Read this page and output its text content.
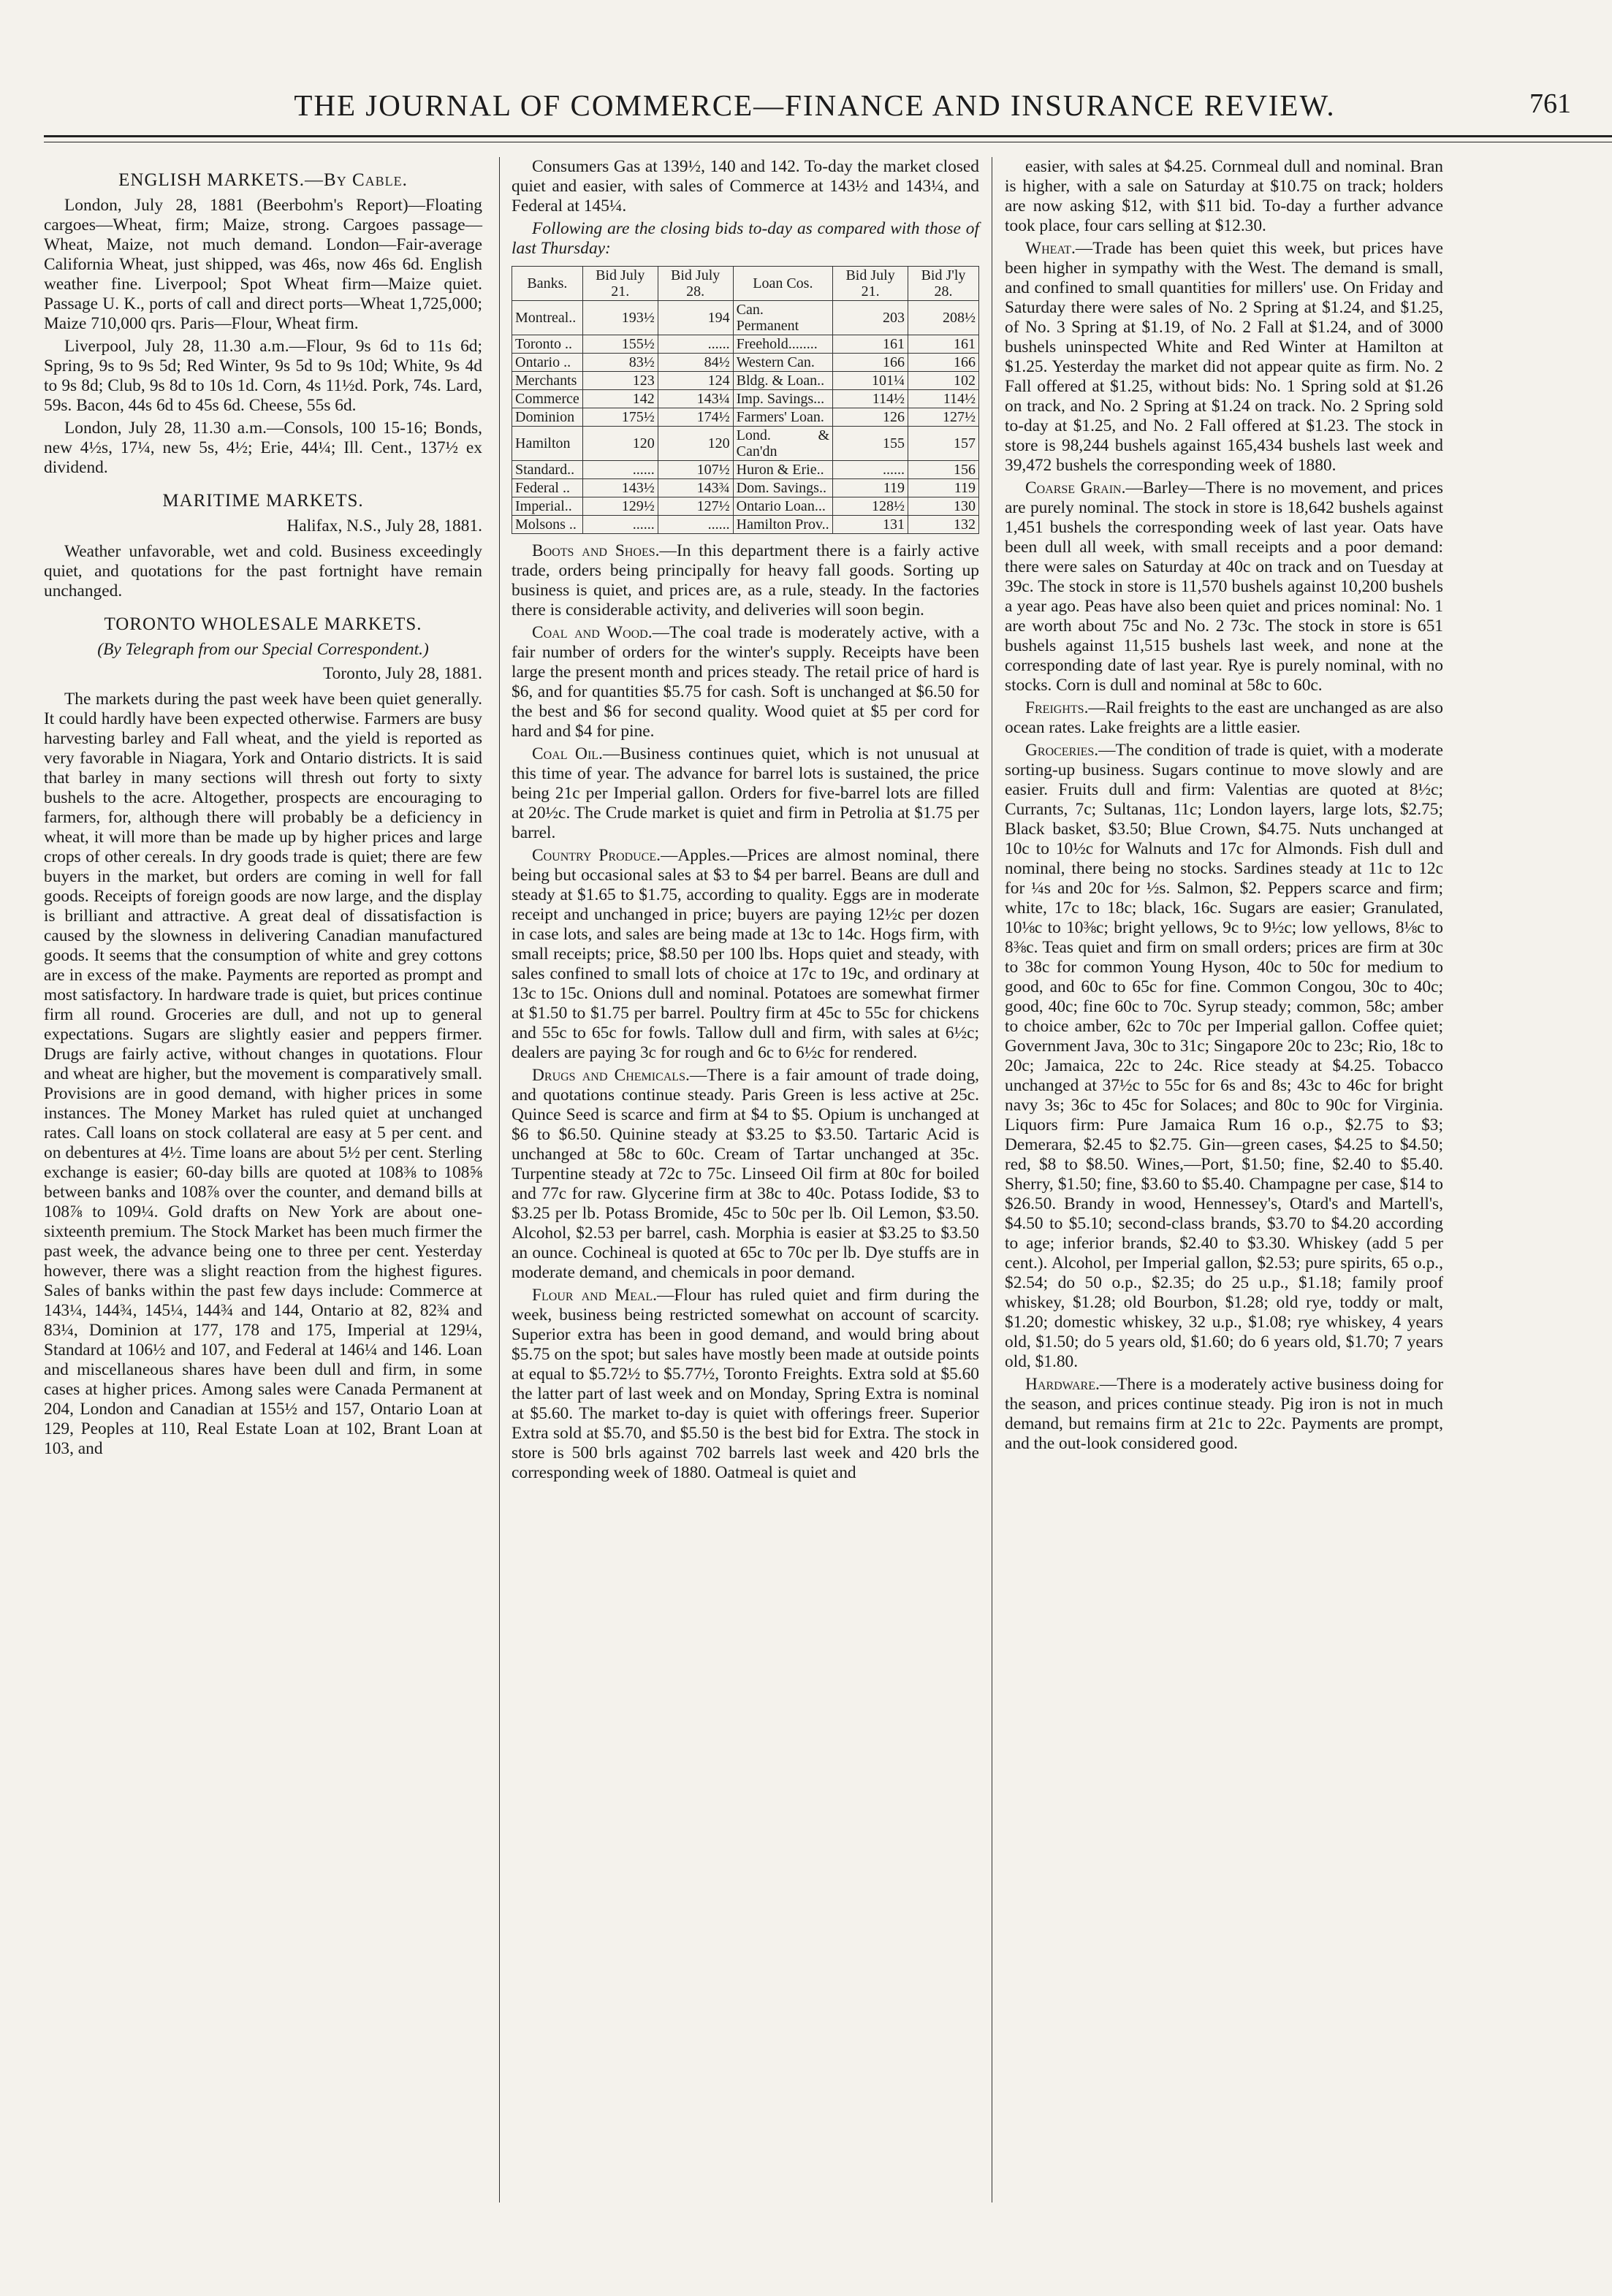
THE JOURNAL OF COMMERCE—FINANCE AND INSURANCE REVIEW.	761
ENGLISH MARKETS.—By Cable.

London, July 28, 1881 (Beerbohm's Report)—Floating cargoes—Wheat, firm; Maize, strong. Cargoes passage—Wheat, Maize, not much demand. London—Fair-average California Wheat, just shipped, was 46s, now 46s 6d. English weather fine. Liverpool; Spot Wheat firm—Maize quiet. Passage U. K., ports of call and direct ports—Wheat 1,725,000; Maize 710,000 qrs. Paris—Flour, Wheat firm.

Liverpool, July 28, 11.30 a.m.—Flour, 9s 6d to 11s 6d; Spring, 9s to 9s 5d; Red Winter, 9s 5d to 9s 10d; White, 9s 4d to 9s 8d; Club, 9s 8d to 10s 1d. Corn, 4s 11½d. Pork, 74s. Lard, 59s. Bacon, 44s 6d to 45s 6d. Cheese, 55s 6d.

London, July 28, 11.30 a.m.—Consols, 100 15-16; Bonds, new 4½s, 17¼, new 5s, 4½; Erie, 44¼; Ill. Cent., 137½ ex dividend.

MARITIME MARKETS.
Halifax, N.S., July 28, 1881.

Weather unfavorable, wet and cold. Business exceedingly quiet, and quotations for the past fortnight have remain unchanged.

TORONTO WHOLESALE MARKETS.
(By Telegraph from our Special Correspondent.)
Toronto, July 28, 1881.

The markets during the past week have been quiet generally. It could hardly have been expected otherwise. Farmers are busy harvesting barley and Fall wheat, and the yield is reported as very favorable in Niagara, York and Ontario districts. It is said that barley in many sections will thresh out forty to sixty bushels to the acre. Altogether, prospects are encouraging to farmers, for, although there will probably be a deficiency in wheat, it will more than be made up by higher prices and large crops of other cereals. In dry goods trade is quiet; there are few buyers in the market, but orders are coming in well for fall goods. Receipts of foreign goods are now large, and the display is brilliant and attractive. A great deal of dissatisfaction is caused by the slowness in delivering Canadian manufactured goods. It seems that the consumption of white and grey cottons are in excess of the make. Payments are reported as prompt and most satisfactory. In hardware trade is quiet, but prices continue firm all round. Groceries are dull, and not up to general expectations. Sugars are slightly easier and peppers firmer. Drugs are fairly active, without changes in quotations. Flour and wheat are higher, but the movement is comparatively small. Provisions are in good demand, with higher prices in some instances. The Money Market has ruled quiet at unchanged rates. Call loans on stock collateral are easy at 5 per cent. and on debentures at 4½. Time loans are about 5½ per cent. Sterling exchange is easier; 60-day bills are quoted at 108⅜ to 108⅝ between banks and 108⅞ over the counter, and demand bills at 108⅞ to 109¼. Gold drafts on New York are about one-sixteenth premium. The Stock Market has been much firmer the past week, the advance being one to three per cent. Yesterday however, there was a slight reaction from the highest figures. Sales of banks within the past few days include: Commerce at 143¼, 144¾, 145¼, 144¾ and 144, Ontario at 82, 82¾ and 83¼, Dominion at 177, 178 and 175, Imperial at 129¼, Standard at 106½ and 107, and Federal at 146¼ and 146. Loan and miscellaneous shares have been dull and firm, in some cases at higher prices. Among sales were Canada Permanent at 204, London and Canadian at 155½ and 157, Ontario Loan at 129, Peoples at 110, Real Estate Loan at 102, Brant Loan at 103, and

Consumers Gas at 139½, 140 and 142. To-day the market closed quiet and easier, with sales of Commerce at 143½ and 143¼, and Federal at 145¼.

Following are the closing bids to-day as compared with those of last Thursday:

Banks.	Bid July 21.	Bid July 28.	Loan Cos.	Bid July 21.	Bid J'ly 28.
Montreal..	193½	194	Can. Permanent	203	208½
Toronto ..	155½	......	Freehold........	161	161
Ontario ..	83½	84½	Western Can.	166	166
Merchants	123	124	Bldg. & Loan..	101¼	102
Commerce	142	143¼	Imp. Savings...	114½	114½
Dominion	175½	174½	Farmers' Loan.	126	127½
Hamilton	120	120	Lond. & Can'dn	155	157
Standard..	......	107½	Huron & Erie..	......	156
Federal ..	143½	143¾	Dom. Savings..	119	119
Imperial..	129½	127½	Ontario Loan...	128½	130
Molsons ..	......	......	Hamilton Prov..	131	132

Boots and Shoes.—In this department there is a fairly active trade, orders being principally for heavy fall goods. Sorting up business is quiet, and prices are, as a rule, steady. In the factories there is considerable activity, and deliveries will soon begin.

Coal and Wood.—The coal trade is moderately active, with a fair number of orders for the winter's supply. Receipts have been large the present month and prices steady. The retail price of hard is $6, and for quantities $5.75 for cash. Soft is unchanged at $6.50 for the best and $6 for second quality. Wood quiet at $5 per cord for hard and $4 for pine.

Coal Oil.—Business continues quiet, which is not unusual at this time of year. The advance for barrel lots is sustained, the price being 21c per Imperial gallon. Orders for five-barrel lots are filled at 20½c. The Crude market is quiet and firm in Petrolia at $1.75 per barrel.

Country Produce.—Apples.—Prices are almost nominal, there being but occasional sales at $3 to $4 per barrel. Beans are dull and steady at $1.65 to $1.75, according to quality. Eggs are in moderate receipt and unchanged in price; buyers are paying 12½c per dozen in case lots, and sales are being made at 13c to 14c. Hogs firm, with small receipts; price, $8.50 per 100 lbs. Hops quiet and steady, with sales confined to small lots of choice at 17c to 19c, and ordinary at 13c to 15c. Onions dull and nominal. Potatoes are somewhat firmer at $1.50 to $1.75 per barrel. Poultry firm at 45c to 55c for chickens and 55c to 65c for fowls. Tallow dull and firm, with sales at 6½c; dealers are paying 3c for rough and 6c to 6½c for rendered.

Drugs and Chemicals.—There is a fair amount of trade doing, and quotations continue steady. Paris Green is less active at 25c. Quince Seed is scarce and firm at $4 to $5. Opium is unchanged at $6 to $6.50. Quinine steady at $3.25 to $3.50. Tartaric Acid is unchanged at 58c to 60c. Cream of Tartar unchanged at 35c. Turpentine steady at 72c to 75c. Linseed Oil firm at 80c for boiled and 77c for raw. Glycerine firm at 38c to 40c. Potass Iodide, $3 to $3.25 per lb. Potass Bromide, 45c to 50c per lb. Oil Lemon, $3.50. Alcohol, $2.53 per barrel, cash. Morphia is easier at $3.25 to $3.50 an ounce. Cochineal is quoted at 65c to 70c per lb. Dye stuffs are in moderate demand, and chemicals in poor demand.

Flour and Meal.—Flour has ruled quiet and firm during the week, business being restricted somewhat on account of scarcity. Superior extra has been in good demand, and would bring about $5.75 on the spot; but sales have mostly been made at outside points at equal to $5.72½ to $5.77½, Toronto Freights. Extra sold at $5.60 the latter part of last week and on Monday, Spring Extra is nominal at $5.60. The market to-day is quiet with offerings freer. Superior Extra sold at $5.70, and $5.50 is the best bid for Extra. The stock in store is 500 brls against 702 barrels last week and 420 brls the corresponding week of 1880. Oatmeal is quiet and

easier, with sales at $4.25. Cornmeal dull and nominal. Bran is higher, with a sale on Saturday at $10.75 on track; holders are now asking $12, with $11 bid. To-day a further advance took place, four cars selling at $12.30.

Wheat.—Trade has been quiet this week, but prices have been higher in sympathy with the West. The demand is small, and confined to small quantities for millers' use. On Friday and Saturday there were sales of No. 2 Spring at $1.24, and $1.25, of No. 3 Spring at $1.19, of No. 2 Fall at $1.24, and of 3000 bushels uninspected White and Red Winter at Hamilton at $1.25. Yesterday the market did not appear quite as firm. No. 2 Fall offered at $1.25, without bids: No. 1 Spring sold at $1.26 on track, and No. 2 Spring at $1.24 on track. No. 2 Spring sold to-day at $1.25, and No. 2 Fall offered at $1.23. The stock in store is 98,244 bushels against 165,434 bushels last week and 39,472 bushels the corresponding week of 1880.

Coarse Grain.—Barley—There is no movement, and prices are purely nominal. The stock in store is 18,642 bushels against 1,451 bushels the corresponding week of last year. Oats have been dull all week, with small receipts and a poor demand: there were sales on Saturday at 40c on track and on Tuesday at 39c. The stock in store is 11,570 bushels against 10,200 bushels a year ago. Peas have also been quiet and prices nominal: No. 1 are worth about 75c and No. 2 73c. The stock in store is 651 bushels against 11,515 bushels last week, and none at the corresponding date of last year. Rye is purely nominal, with no stocks. Corn is dull and nominal at 58c to 60c.

Freights.—Rail freights to the east are unchanged as are also ocean rates. Lake freights are a little easier.

Groceries.—The condition of trade is quiet, with a moderate sorting-up business. Sugars continue to move slowly and are easier. Fruits dull and firm: Valentias are quoted at 8½c; Currants, 7c; Sultanas, 11c; London layers, large lots, $2.75; Black basket, $3.50; Blue Crown, $4.75. Nuts unchanged at 10c to 10½c for Walnuts and 17c for Almonds. Fish dull and nominal, there being no stocks. Sardines steady at 11c to 12c for ¼s and 20c for ½s. Salmon, $2. Peppers scarce and firm; white, 17c to 18c; black, 16c. Sugars are easier; Granulated, 10⅛c to 10⅜c; bright yellows, 9c to 9½c; low yellows, 8⅛c to 8⅜c. Teas quiet and firm on small orders; prices are firm at 30c to 38c for common Young Hyson, 40c to 50c for medium to good, and 60c to 65c for fine. Common Congou, 30c to 40c; good, 40c; fine 60c to 70c. Syrup steady; common, 58c; amber to choice amber, 62c to 70c per Imperial gallon. Coffee quiet; Government Java, 30c to 31c; Singapore 20c to 23c; Rio, 18c to 20c; Jamaica, 22c to 24c. Rice steady at $4.25. Tobacco unchanged at 37½c to 55c for 6s and 8s; 43c to 46c for bright navy 3s; 36c to 45c for Solaces; and 80c to 90c for Virginia. Liquors firm: Pure Jamaica Rum 16 o.p., $2.75 to $3; Demerara, $2.45 to $2.75. Gin—green cases, $4.25 to $4.50; red, $8 to $8.50. Wines,—Port, $1.50; fine, $2.40 to $5.40. Sherry, $1.50; fine, $3.60 to $5.40. Champagne per case, $14 to $26.50. Brandy in wood, Hennessey's, Otard's and Martell's, $4.50 to $5.10; second-class brands, $3.70 to $4.20 according to age; inferior brands, $2.40 to $3.30. Whiskey (add 5 per cent.). Alcohol, per Imperial gallon, $2.53; pure spirits, 65 o.p., $2.54; do 50 o.p., $2.35; do 25 u.p., $1.18; family proof whiskey, $1.28; old Bourbon, $1.28; old rye, toddy or malt, $1.20; domestic whiskey, 32 u.p., $1.08; rye whiskey, 4 years old, $1.50; do 5 years old, $1.60; do 6 years old, $1.70; 7 years old, $1.80.

Hardware.—There is a moderately active business doing for the season, and prices continue steady. Pig iron is not in much demand, but remains firm at 21c to 22c. Payments are prompt, and the out-look considered good.
